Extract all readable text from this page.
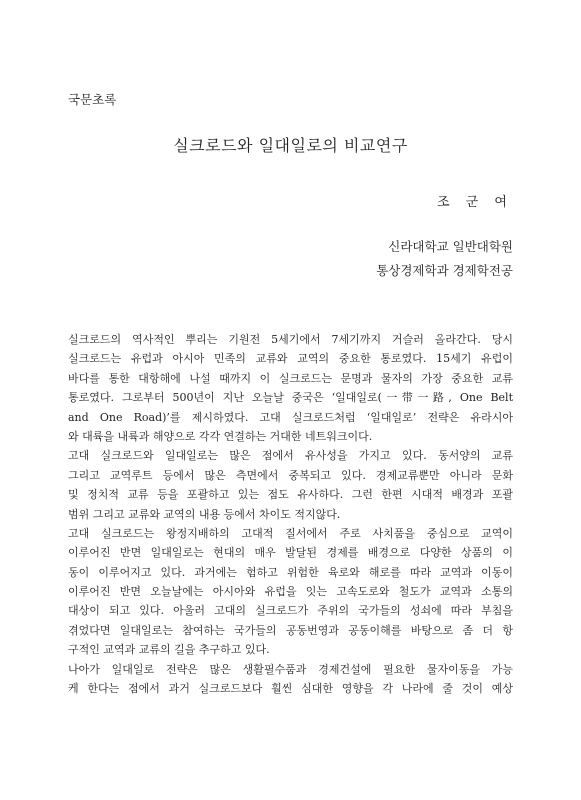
국문초록
실크로드와 일대일로의 비교연구
조 군 여
신라대학교 일반대학원
통상경제학과 경제학전공
실크로드의 역사적인 뿌리는 기원전 5세기에서 7세기까지 거슬러 올라간다. 당시
실크로드는 유럽과 아시아 민족의 교류와 교역의 중요한 통로였다. 15세기 유럽이
바다를 통한 대항해에 나설 때까지 이 실크로드는 문명과 물자의 가장 중요한 교류
통로였다. 그로부터 500년이 지난 오늘날 중국은 ‘일대일로(一带一路, One Belt
and One Road)’를 제시하였다. 고대 실크로드처럼 ‘일대일로’ 전략은 유라시아
와 대륙을 내륙과 해양으로 각각 연결하는 거대한 네트워크이다.
고대 실크로드와 일대일로는 많은 점에서 유사성을 가지고 있다. 동서양의 교류
그리고 교역루트 등에서 많은 측면에서 중복되고 있다. 경제교류뿐만 아니라 문화
및 정치적 교류 등을 포괄하고 있는 점도 유사하다. 그런 한편 시대적 배경과 포괄
범위 그리고 교류와 교역의 내용 등에서 차이도 적지않다.
고대 실크로드는 왕정지배하의 고대적 질서에서 주로 사치품을 중심으로 교역이
이루어진 반면 일대일로는 현대의 매우 발달된 경제를 배경으로 다양한 상품의 이
동이 이루어지고 있다. 과거에는 험하고 위험한 육로와 해로를 따라 교역과 이동이
이루어진 반면 오늘날에는 아시아와 유럽을 잇는 고속도로와 철도가 교역과 소통의
대상이 되고 있다. 아울러 고대의 실크로드가 주위의 국가들의 성쇠에 따라 부침을
겪었다면 일대일로는 참여하는 국가들의 공동번영과 공동이해를 바탕으로 좀 더 항
구적인 교역과 교류의 길을 추구하고 있다.
나아가 일대일로 전략은 많은 생활필수품과 경제건설에 필요한 물자이동을 가능
케 한다는 점에서 과거 실크로드보다 훨씬 심대한 영향을 각 나라에 줄 것이 예상
